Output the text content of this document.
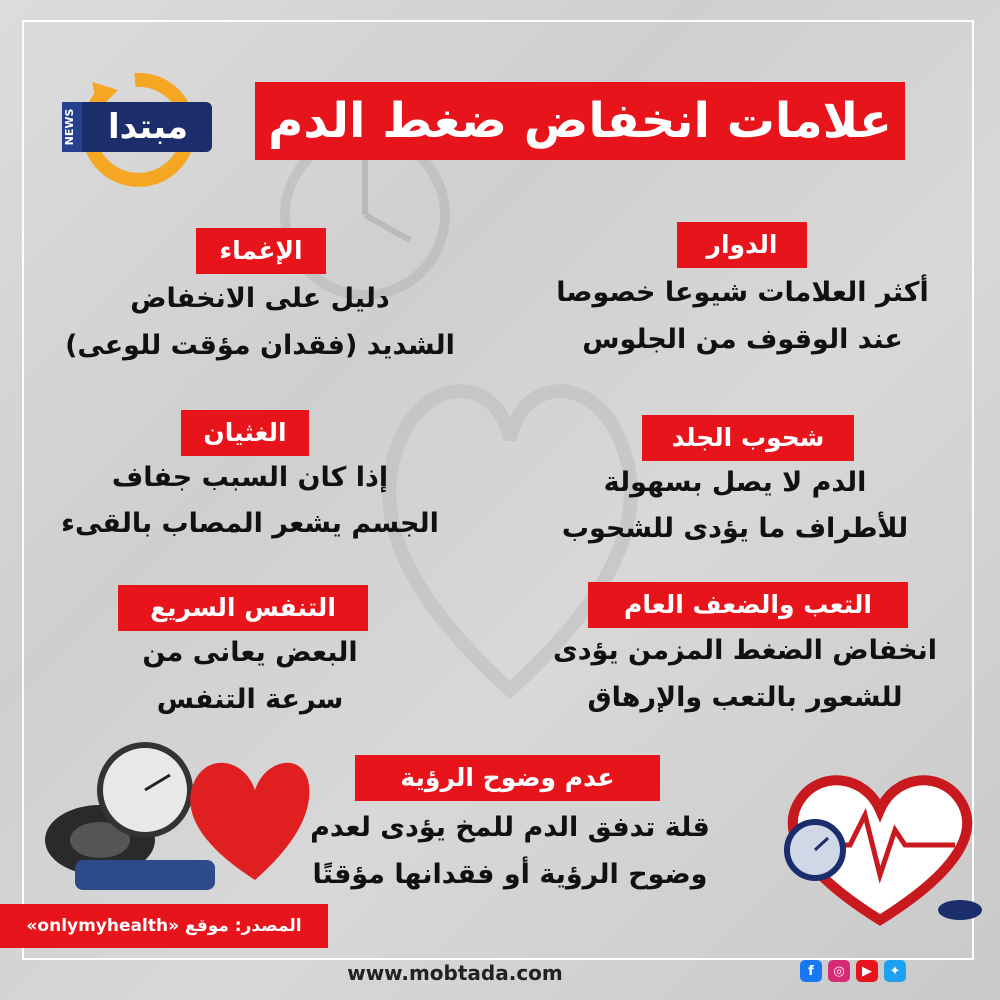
مبتدا
NEWS	علامات انخفاض ضغط الدم
الدوار
أكثر العلامات شيوعا خصوصا
عند الوقوف من الجلوس
الإغماء
دليل على الانخفاض
الشديد (فقدان مؤقت للوعى)
شحوب الجلد
الدم لا يصل بسهولة
للأطراف ما يؤدى للشحوب
الغثيان
إذا كان السبب جفاف
الجسم يشعر المصاب بالقىء
التعب والضعف العام
انخفاض الضغط المزمن يؤدى
للشعور بالتعب والإرهاق
التنفس السريع
البعض يعانى من
سرعة التنفس
عدم وضوح الرؤية
قلة تدفق الدم للمخ يؤدى لعدم
وضوح الرؤية أو فقدانها مؤقتًا
المصدر: موقع «onlymyhealth»
www.mobtada.com	f	◎	▶	✦
